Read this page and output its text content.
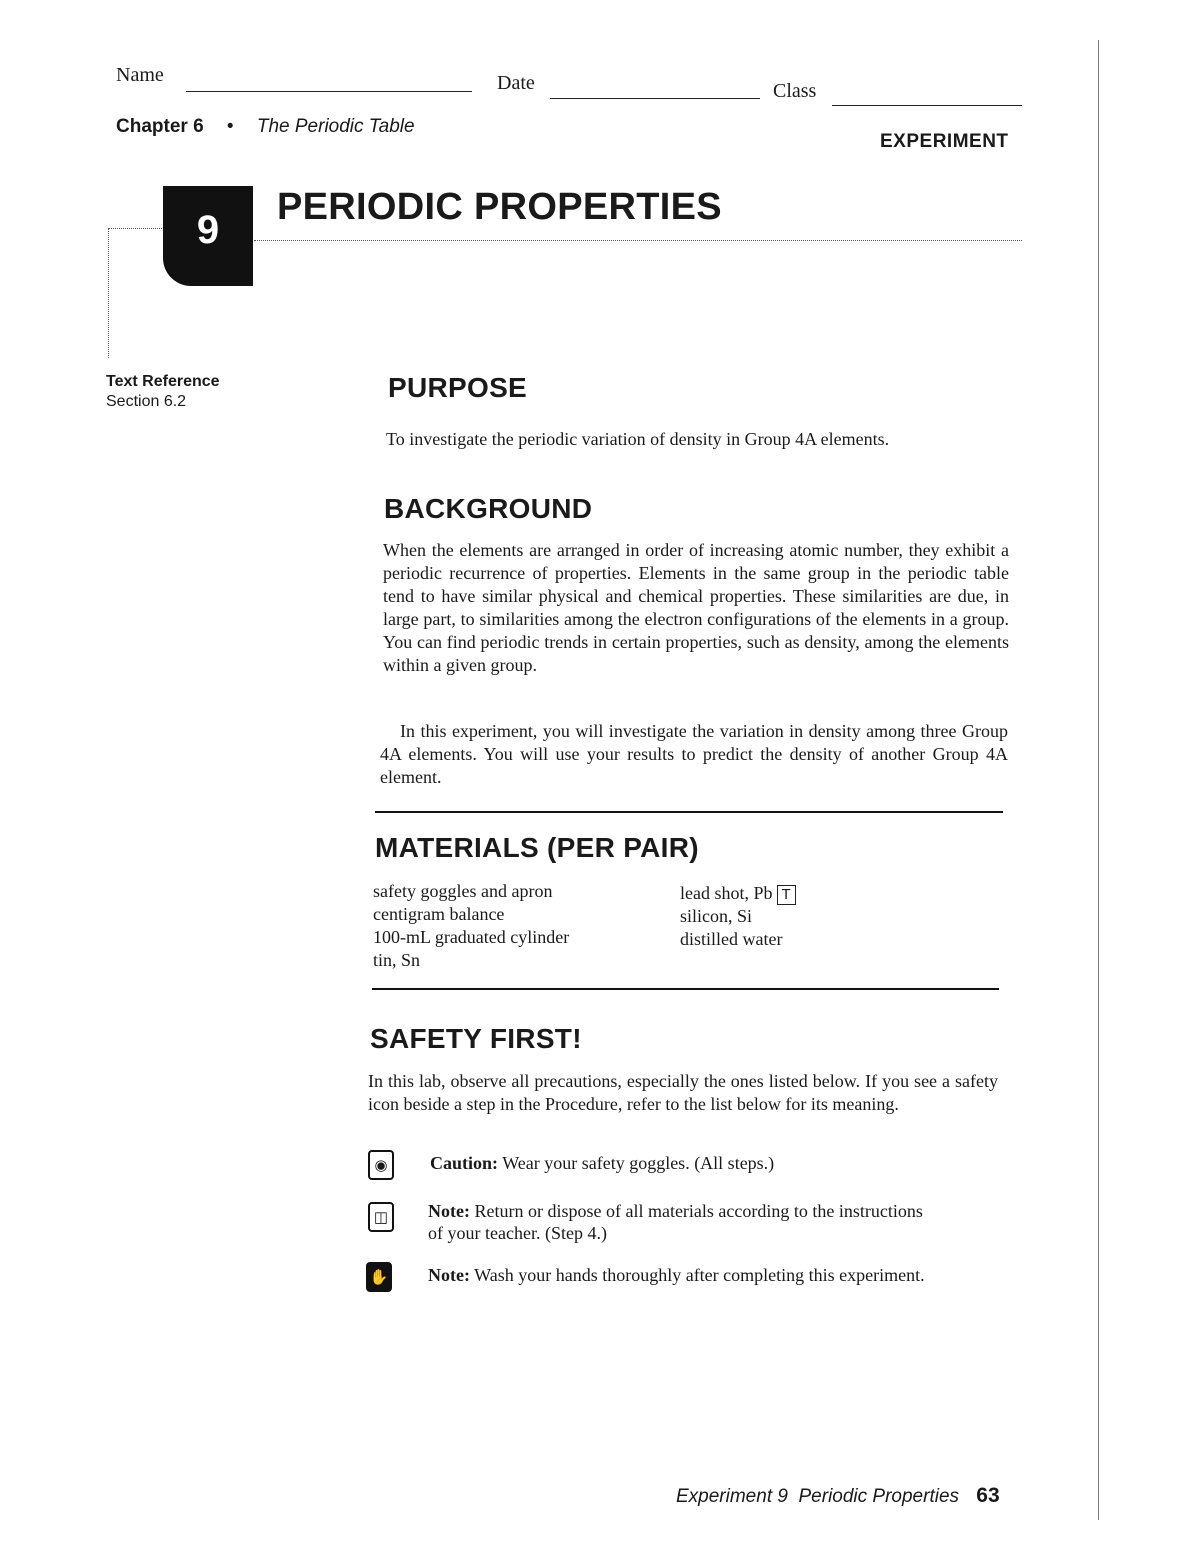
Name	Date	Class
Chapter 6 • The Periodic Table
EXPERIMENT
9
PERIODIC PROPERTIES
Text Reference
Section 6.2	PURPOSE
To investigate the periodic variation of density in Group 4A elements.
BACKGROUND
When the elements are arranged in order of increasing atomic number, they exhibit a periodic recurrence of properties. Elements in the same group in the periodic table tend to have similar physical and chemical properties. These similarities are due, in large part, to similarities among the electron configurations of the elements in a group. You can find periodic trends in certain properties, such as density, among the elements within a given group.
In this experiment, you will investigate the variation in density among three Group 4A elements. You will use your results to predict the density of another Group 4A element.
MATERIALS (PER PAIR)
safety goggles and apron
centigram balance
100-mL graduated cylinder
tin, Sn
lead shot, Pb T
silicon, Si
distilled water
SAFETY FIRST!
In this lab, observe all precautions, especially the ones listed below. If you see a safety icon beside a step in the Procedure, refer to the list below for its meaning.
◉	Caution: Wear your safety goggles. (All steps.)
◫	Note: Return or dispose of all materials according to the instructions of your teacher. (Step 4.)
✋ Note: Wash your hands thoroughly after completing this experiment.
Experiment 9  Periodic Properties 63
